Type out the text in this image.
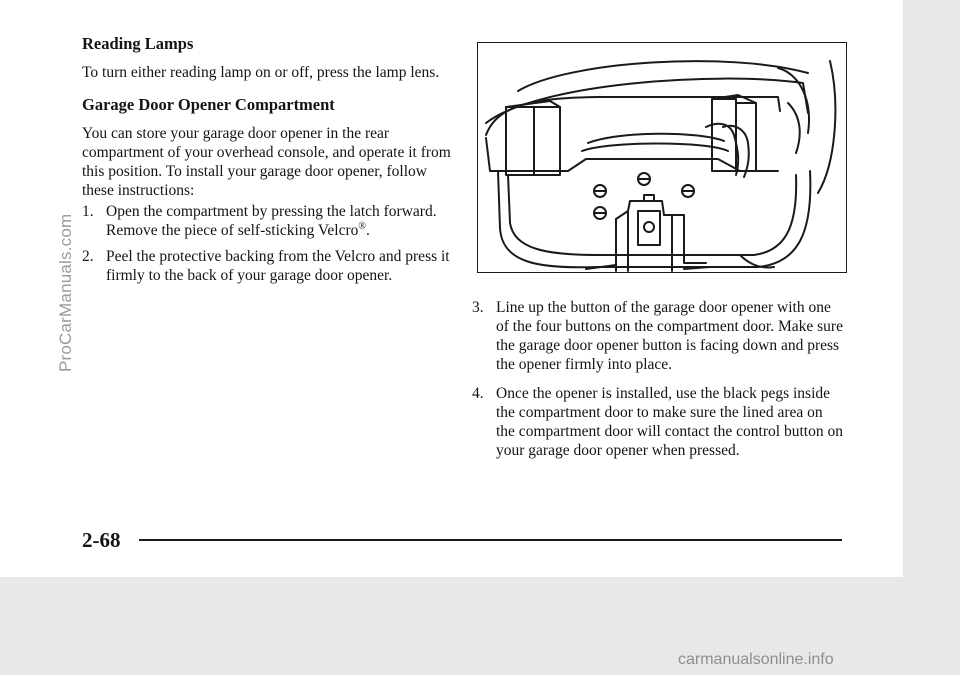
Reading Lamps

To turn either reading lamp on or off, press the lamp lens.

Garage Door Opener Compartment

You can store your garage door opener in the rear compartment of your overhead console, and operate it from this position. To install your garage door opener, follow these instructions:

1. Open the compartment by pressing the latch forward. Remove the piece of self-sticking Velcro®.
2. Peel the protective backing from the Velcro and press it firmly to the back of your garage door opener.
3. Line up the button of the garage door opener with one of the four buttons on the compartment door. Make sure the garage door opener button is facing down and press the opener firmly into place.
4. Once the opener is installed, use the black pegs inside the compartment door to make sure the lined area on the compartment door will contact the control button on your garage door opener when pressed.
2-68
ProCarManuals.com
carmanualsonline.info
